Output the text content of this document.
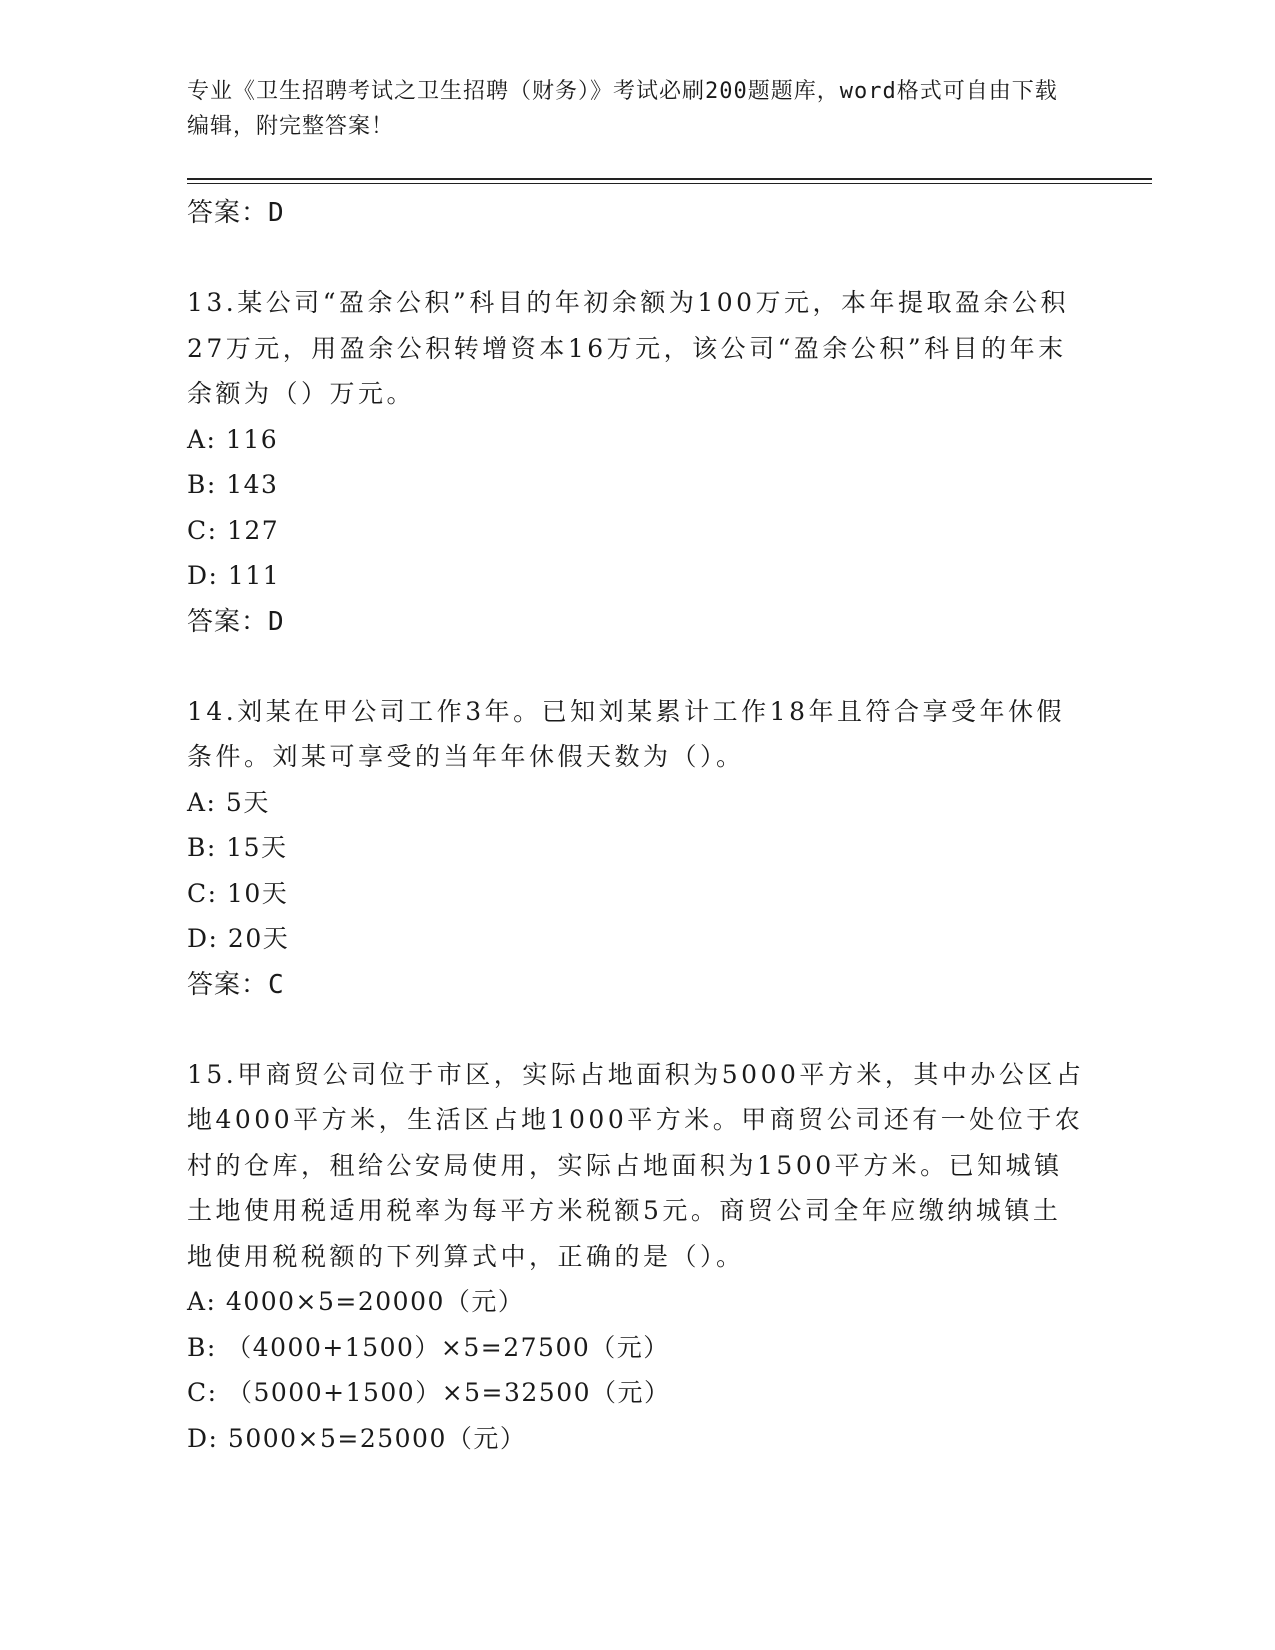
专业《卫生招聘考试之卫生招聘（财务）》考试必刷200题题库，word格式可自由下载编辑，附完整答案！
答案：D

13.某公司“盈余公积”科目的年初余额为100万元，本年提取盈余公积27万元，用盈余公积转增资本16万元，该公司“盈余公积”科目的年末余额为（）万元。

A: 116
B: 143
C: 127
D: 111
答案：D

14.刘某在甲公司工作3年。已知刘某累计工作18年且符合享受年休假条件。刘某可享受的当年年休假天数为（）。

A: 5天
B: 15天
C: 10天
D: 20天
答案：C

15.甲商贸公司位于市区，实际占地面积为5000平方米，其中办公区占地4000平方米，生活区占地1000平方米。甲商贸公司还有一处位于农村的仓库，租给公安局使用，实际占地面积为1500平方米。已知城镇土地使用税适用税率为每平方米税额5元。商贸公司全年应缴纳城镇土地使用税税额的下列算式中，正确的是（）。

A: 4000×5=20000（元）
B: （4000+1500）×5=27500（元）
C: （5000+1500）×5=32500（元）
D: 5000×5=25000（元）
